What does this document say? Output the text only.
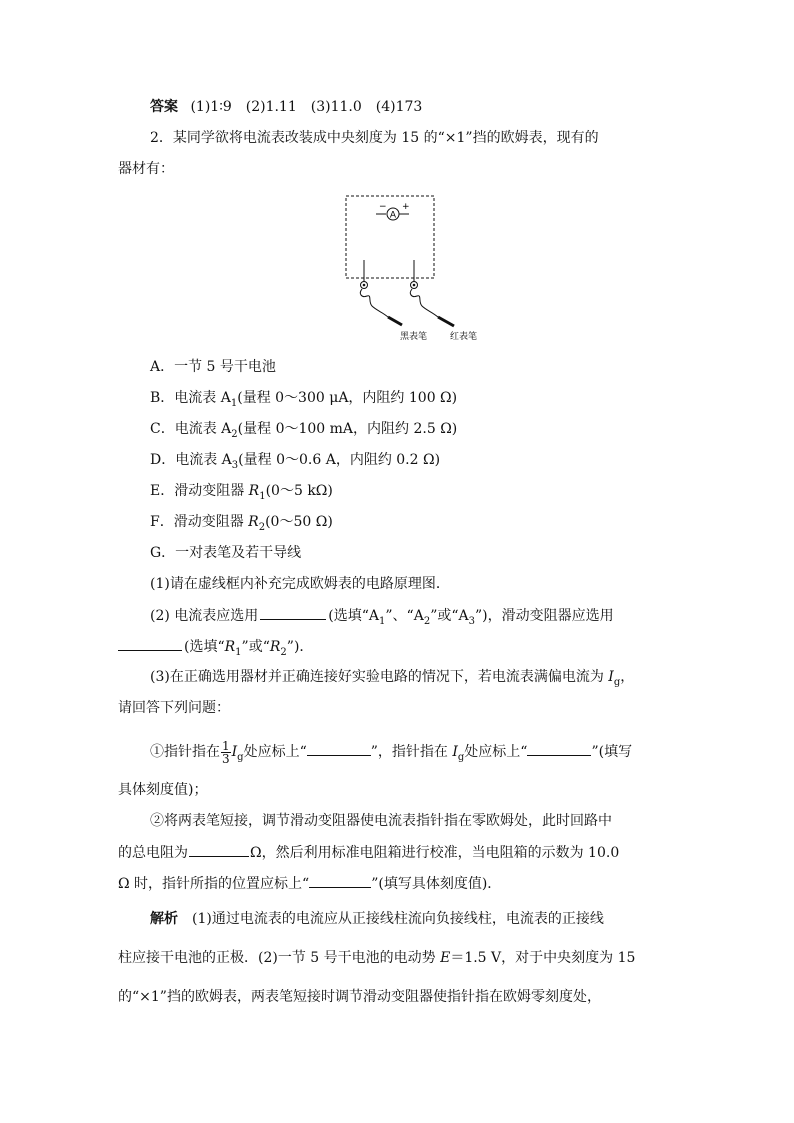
答案 (1)1∶9　(2)1.11　(3)11.0　(4)173
2．某同学欲将电流表改装成中央刻度为 15 的“×1”挡的欧姆表，现有的
器材有：
A
− +
黑表笔	红表笔
A．一节 5 号干电池
B．电流表 $A_1$(量程 0～300 μA，内阻约 100 Ω)
C．电流表 $A_2$(量程 0～100 mA，内阻约 2.5 Ω)
D．电流表 $A_3$(量程 0～0.6 A，内阻约 0.2 Ω)
E．滑动变阻器 $R_1(0\sim 5$ kΩ)
F．滑动变阻器 $R_2(0\sim 50$ Ω)
G．一对表笔及若干导线
(1)请在虚线框内补充完成欧姆表的电路原理图．
(2) 电流表应选用	(选填“$A_1$”、“$A_2$”或“$A_3$”)，滑动变阻器应选用
(选填“$R_1$”或“$R_2$”)．
(3)在正确选用器材并正确连接好实验电路的情况下，若电流表满偏电流为 $I_g$，
请回答下列问题：
①指针指在 $\frac{1}{3} I_g$处应标上“	”，指针指在 $I_g$处应标上“	”(填写
具体刻度值)；
②将两表笔短接，调节滑动变阻器使电流表指针指在零欧姆处，此时回路中
的总电阻为	Ω，然后利用标准电阻箱进行校准，当电阻箱的示数为 10.0
Ω 时，指针所指的位置应标上“	”(填写具体刻度值)．
解析 (1)通过电流表的电流应从正接线柱流向负接线柱，电流表的正接线
柱应接干电池的正极．(2)一节 5 号干电池的电动势 E＝1.5 V，对于中央刻度为 15
的“×1”挡的欧姆表，两表笔短接时调节滑动变阻器使指针指在欧姆零刻度处，
